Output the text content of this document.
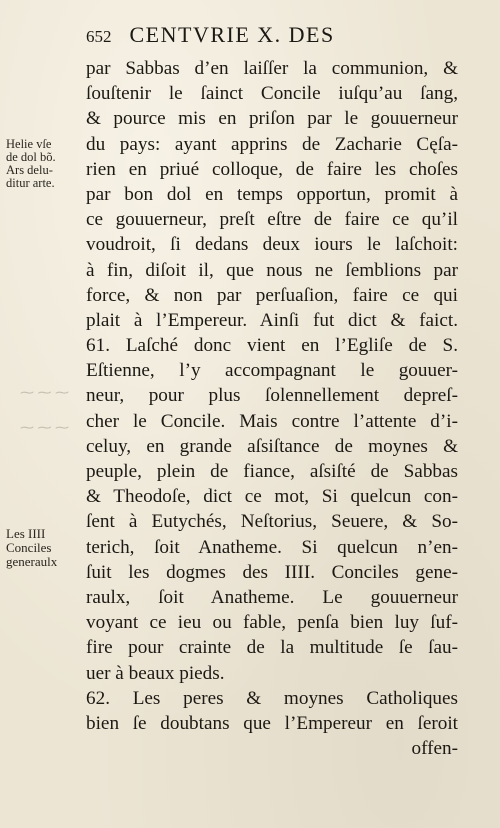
652 CENTVRIE X. DES
Helie vſe
de dol bõ.
Ars delu-
ditur arte.
Les IIII
Conciles
generaulx
⁓ ⁓ ⁓
⁓ ⁓ ⁓
par Sabbas d’en laiſſer la communion, &
ſouſtenir le ſainct Concile iuſqu’au ſang,
& pource mis en priſon par le gouuerneur
du pays: ayant apprins de Zacharie Cęſa-
rien en priué colloque, de faire les choſes
par bon dol en temps opportun, promit à
ce gouuerneur, preſt eſtre de faire ce qu’il
voudroit, ſi dedans deux iours le laſchoit:
à fin, diſoit il, que nous ne ſemblions par
force, & non par perſuaſion, faire ce qui
plait à l’Empereur. Ainſi fut dict & faict.
61. Laſché donc vient en l’Egliſe de S.
Eſtienne, l’y accompagnant le gouuer-
neur, pour plus ſolennellement depreſ-
cher le Concile. Mais contre l’attente d’i-
celuy, en grande aſsiſtance de moynes &
peuple, plein de fiance, aſsiſté de Sabbas
& Theodoſe, dict ce mot, Si quelcun con-
ſent à Eutychés, Neſtorius, Seuere, & So-
terich, ſoit Anatheme. Si quelcun n’en-
ſuit les dogmes des IIII. Conciles gene-
raulx, ſoit Anatheme. Le gouuerneur
voyant ce ieu ou fable, penſa bien luy ſuf-
fire pour crainte de la multitude ſe ſau-
uer à beaux pieds.
62. Les peres & moynes Catholiques
bien ſe doubtans que l’Empereur en ſeroit
offen-
